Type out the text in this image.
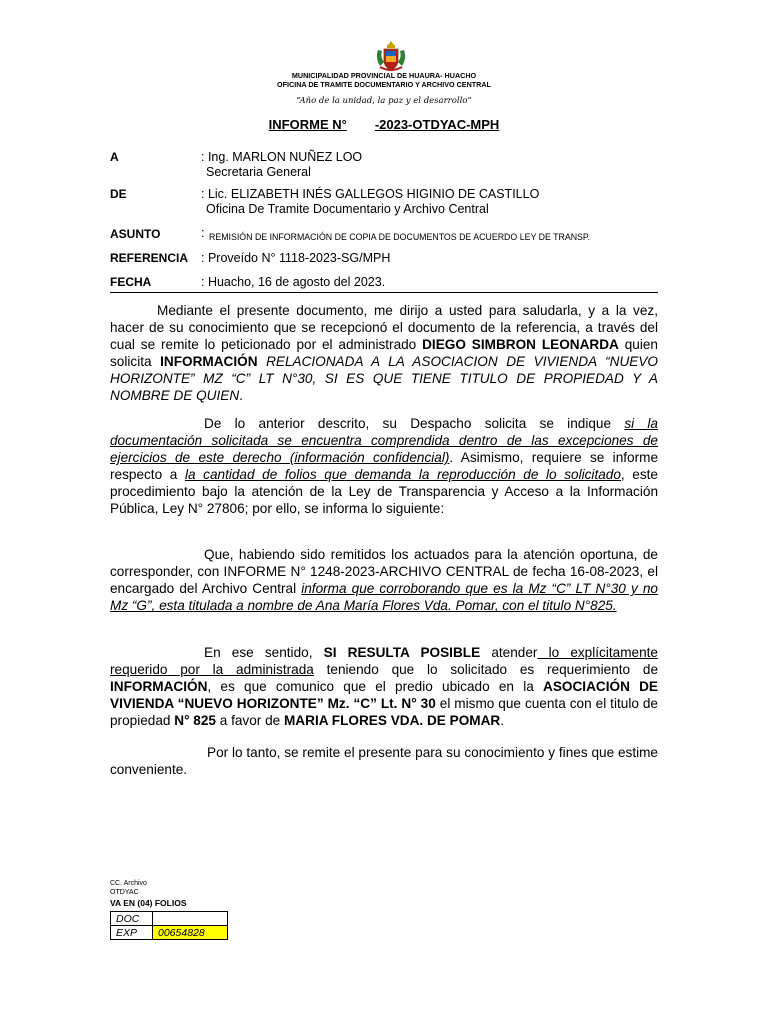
MUNICIPALIDAD PROVINCIAL DE HUAURA- HUACHO
OFICINA DE TRAMITE DOCUMENTARIO Y ARCHIVO CENTRAL
“Año de la unidad, la paz y el desarrollo”
INFORME N° -2023-OTDYAC-MPH
A	: Ing. MARLON NUÑEZ LOO
Secretaria General
DE	: Lic. ELIZABETH INÉS GALLEGOS HIGINIO DE CASTILLO
Oficina De Tramite Documentario y Archivo Central
ASUNTO	: REMISIÓN DE INFORMACIÓN DE COPIA DE DOCUMENTOS DE ACUERDO LEY DE TRANSP.
REFERENCIA : Proveído N° 1118-2023-SG/MPH
FECHA	: Huacho, 16 de agosto del 2023.
Mediante el presente documento, me dirijo a usted para saludarla, y a la vez, hacer de su conocimiento que se recepcionó el documento de la referencia, a través del cual se remite lo peticionado por el administrado DIEGO SIMBRON LEONARDA quien solicita INFORMACIÓN RELACIONADA A LA ASOCIACION DE VIVIENDA “NUEVO HORIZONTE” MZ “C” LT N°30, SI ES QUE TIENE TITULO DE PROPIEDAD Y A NOMBRE DE QUIEN.
De lo anterior descrito, su Despacho solicita se indique si la documentación solicitada se encuentra comprendida dentro de las excepciones de ejercicios de este derecho (información confidencial). Asimismo, requiere se informe respecto a la cantidad de folios que demanda la reproducción de lo solicitado, este procedimiento bajo la atención de la Ley de Transparencia y Acceso a la Información Pública, Ley N° 27806; por ello, se informa lo siguiente:
Que, habiendo sido remitidos los actuados para la atención oportuna, de corresponder, con INFORME N° 1248-2023-ARCHIVO CENTRAL de fecha 16-08-2023, el encargado del Archivo Central informa que corroborando que es la Mz “C” LT N°30 y no Mz “G”, esta titulada a nombre de Ana María Flores Vda. Pomar, con el titulo N°825.
En ese sentido, SI RESULTA POSIBLE atender lo explícitamente requerido por la administrada teniendo que lo solicitado es requerimiento de INFORMACIÓN, es que comunico que el predio ubicado en la ASOCIACIÓN DE VIVIENDA “NUEVO HORIZONTE” Mz. “C” Lt. N° 30 el mismo que cuenta con el titulo de propiedad N° 825 a favor de MARIA FLORES VDA. DE POMAR.
Por lo tanto, se remite el presente para su conocimiento y fines que estime conveniente.
CC. Archivo
OTDYAC
VA EN (04) FOLIOS
DOC	
EXP	00654828
